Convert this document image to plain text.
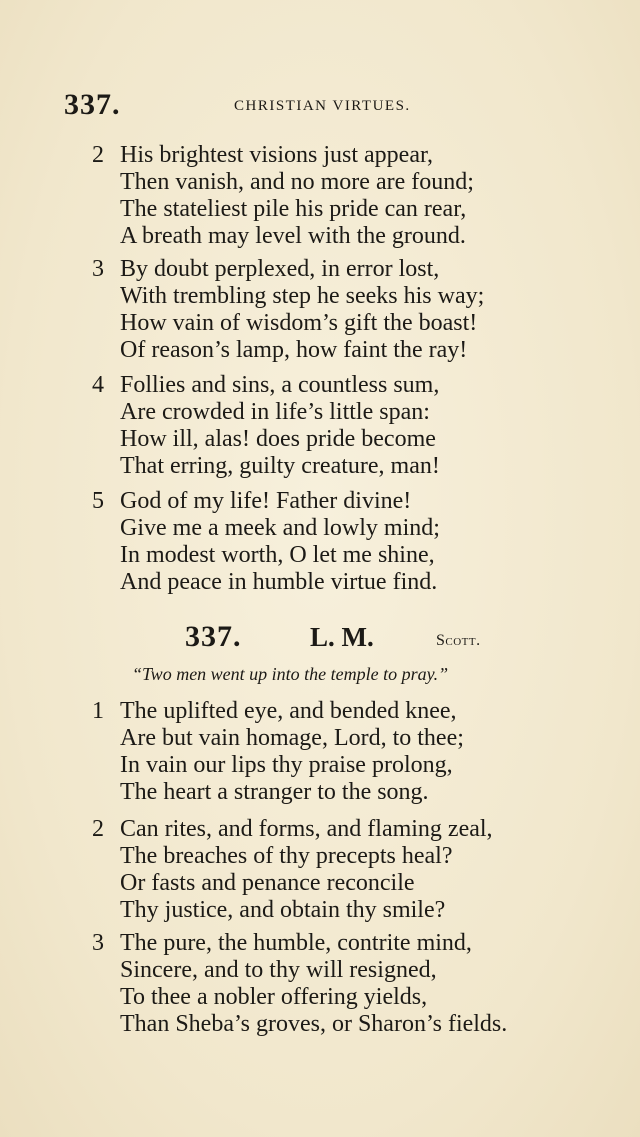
337.	CHRISTIAN VIRTUES.
2 His brightest visions just appear,
Then vanish, and no more are found;
The stateliest pile his pride can rear,
A breath may level with the ground.
3 By doubt perplexed, in error lost,
With trembling step he seeks his way;
How vain of wisdom’s gift the boast!
Of reason’s lamp, how faint the ray!
4 Follies and sins, a countless sum,
Are crowded in life’s little span:
How ill, alas! does pride become
That erring, guilty creature, man!
5 God of my life! Father divine!
Give me a meek and lowly mind;
In modest worth, O let me shine,
And peace in humble virtue find.
337.	L. M.	Scott.
“Two men went up into the temple to pray.”
1 The uplifted eye, and bended knee,
Are but vain homage, Lord, to thee;
In vain our lips thy praise prolong,
The heart a stranger to the song.
2 Can rites, and forms, and flaming zeal,
The breaches of thy precepts heal?
Or fasts and penance reconcile
Thy justice, and obtain thy smile?
3 The pure, the humble, contrite mind,
Sincere, and to thy will resigned,
To thee a nobler offering yields,
Than Sheba’s groves, or Sharon’s fields.
